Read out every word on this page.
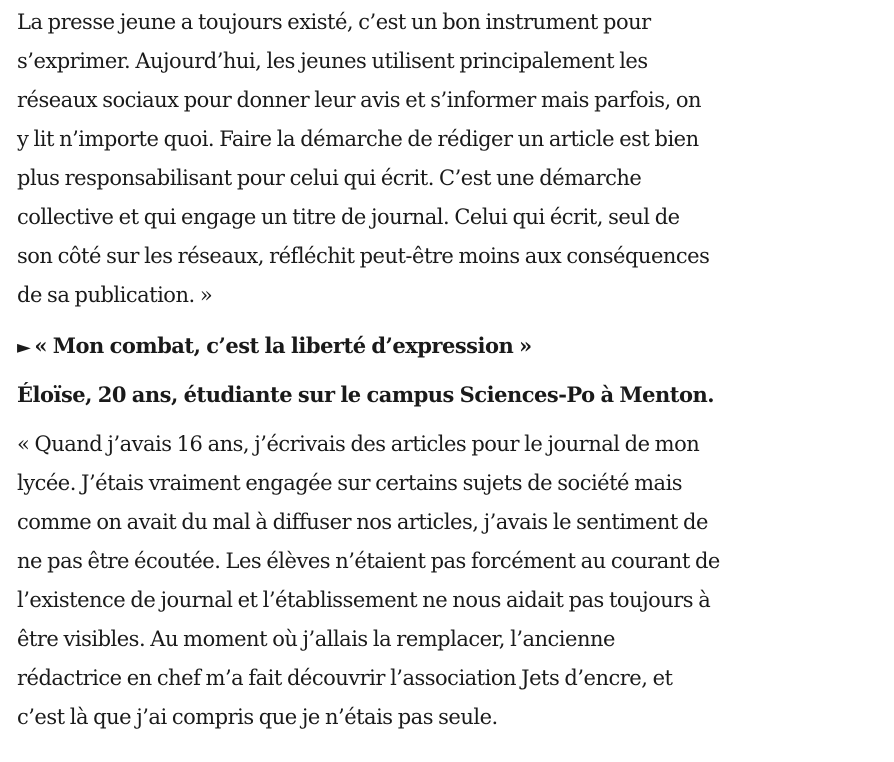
La presse jeune a toujours existé, c’est un bon instrument pour
s’exprimer. Aujourd’hui, les jeunes utilisent principalement les
réseaux sociaux pour donner leur avis et s’informer mais parfois, on
y lit n’importe quoi. Faire la démarche de rédiger un article est bien
plus responsabilisant pour celui qui écrit. C’est une démarche
collective et qui engage un titre de journal. Celui qui écrit, seul de
son côté sur les réseaux, réfléchit peut-être moins aux conséquences
de sa publication. »

► « Mon combat, c’est la liberté d’expression »

Éloïse, 20 ans, étudiante sur le campus Sciences-Po à Menton.

« Quand j’avais 16 ans, j’écrivais des articles pour le journal de mon
lycée. J’étais vraiment engagée sur certains sujets de société mais
comme on avait du mal à diffuser nos articles, j’avais le sentiment de
ne pas être écoutée. Les élèves n’étaient pas forcément au courant de
l’existence de journal et l’établissement ne nous aidait pas toujours à
être visibles. Au moment où j’allais la remplacer, l’ancienne
rédactrice en chef m’a fait découvrir l’association Jets d’encre, et
c’est là que j’ai compris que je n’étais pas seule.
